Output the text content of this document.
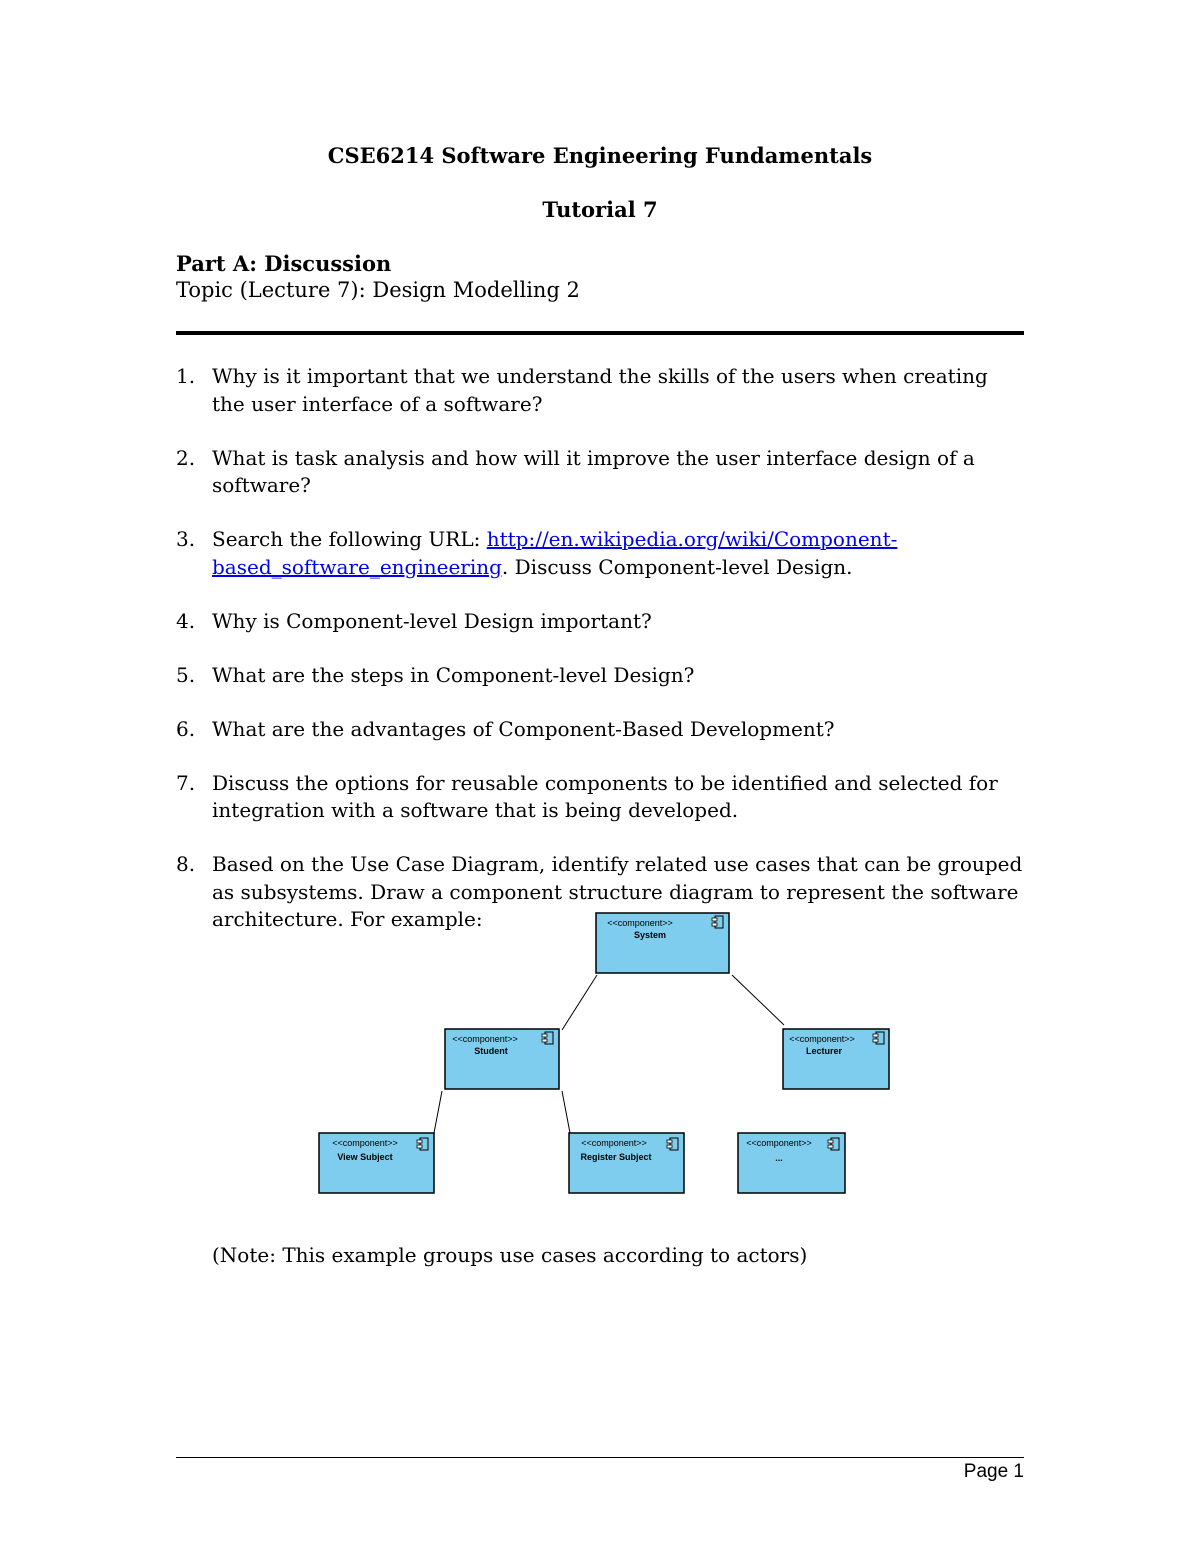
CSE6214 Software Engineering Fundamentals
Tutorial 7
Part A: Discussion
Topic (Lecture 7): Design Modelling 2
1. Why is it important that we understand the skills of the users when creating the user interface of a software?
2. What is task analysis and how will it improve the user interface design of a software?
3. Search the following URL: http://en.wikipedia.org/wiki/Component-based_software_engineering. Discuss Component-level Design.
4. Why is Component-level Design important?
5. What are the steps in Component-level Design?
6. What are the advantages of Component-Based Development?
7. Discuss the options for reusable components to be identified and selected for integration with a software that is being developed.
8. Based on the Use Case Diagram, identify related use cases that can be grouped as subsystems. Draw a component structure diagram to represent the software architecture. For example:	<<component>>
System
<<component>>
Student
<<component>>
Lecturer
<<component>>
View Subject
<<component>>
Register Subject
<<component>>
...
(Note: This example groups use cases according to actors)
Page 1
